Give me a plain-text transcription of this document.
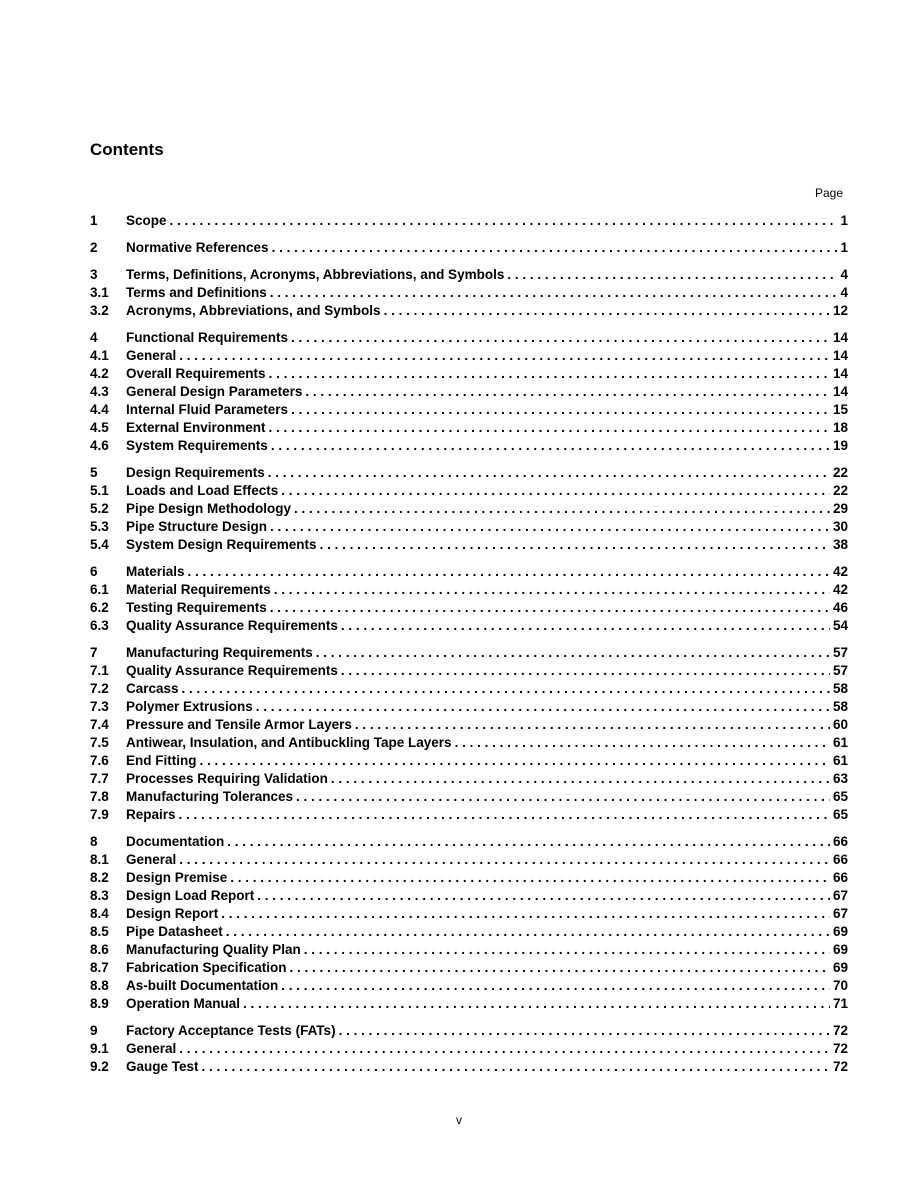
Contents
Page
1	Scope . . .	1
2	Normative References . . .	1
3	Terms, Definitions, Acronyms, Abbreviations, and Symbols . . .	4
3.1	Terms and Definitions . . .	4
3.2	Acronyms, Abbreviations, and Symbols . . .	12
4	Functional Requirements . . .	14
4.1	General . . .	14
4.2	Overall Requirements . . .	14
4.3	General Design Parameters . . .	14
4.4	Internal Fluid Parameters . . .	15
4.5	External Environment . . .	18
4.6	System Requirements . . .	19
5	Design Requirements . . .	22
5.1	Loads and Load Effects . . .	22
5.2	Pipe Design Methodology . . .	29
5.3	Pipe Structure Design . . .	30
5.4	System Design Requirements . . .	38
6	Materials . . .	42
6.1	Material Requirements . . .	42
6.2	Testing Requirements . . .	46
6.3	Quality Assurance Requirements . . .	54
7	Manufacturing Requirements . . .	57
7.1	Quality Assurance Requirements . . .	57
7.2	Carcass . . .	58
7.3	Polymer Extrusions . . .	58
7.4	Pressure and Tensile Armor Layers . . .	60
7.5	Antiwear, Insulation, and Antibuckling Tape Layers . . .	61
7.6	End Fitting . . .	61
7.7	Processes Requiring Validation . . .	63
7.8	Manufacturing Tolerances . . .	65
7.9	Repairs . . .	65
8	Documentation . . .	66
8.1	General . . .	66
8.2	Design Premise . . .	66
8.3	Design Load Report . . .	67
8.4	Design Report . . .	67
8.5	Pipe Datasheet . . .	69
8.6	Manufacturing Quality Plan . . .	69
8.7	Fabrication Specification . . .	69
8.8	As-built Documentation . . .	70
8.9	Operation Manual . . .	71
9	Factory Acceptance Tests (FATs) . . .	72
9.1	General . . .	72
9.2	Gauge Test . . .	72
v
